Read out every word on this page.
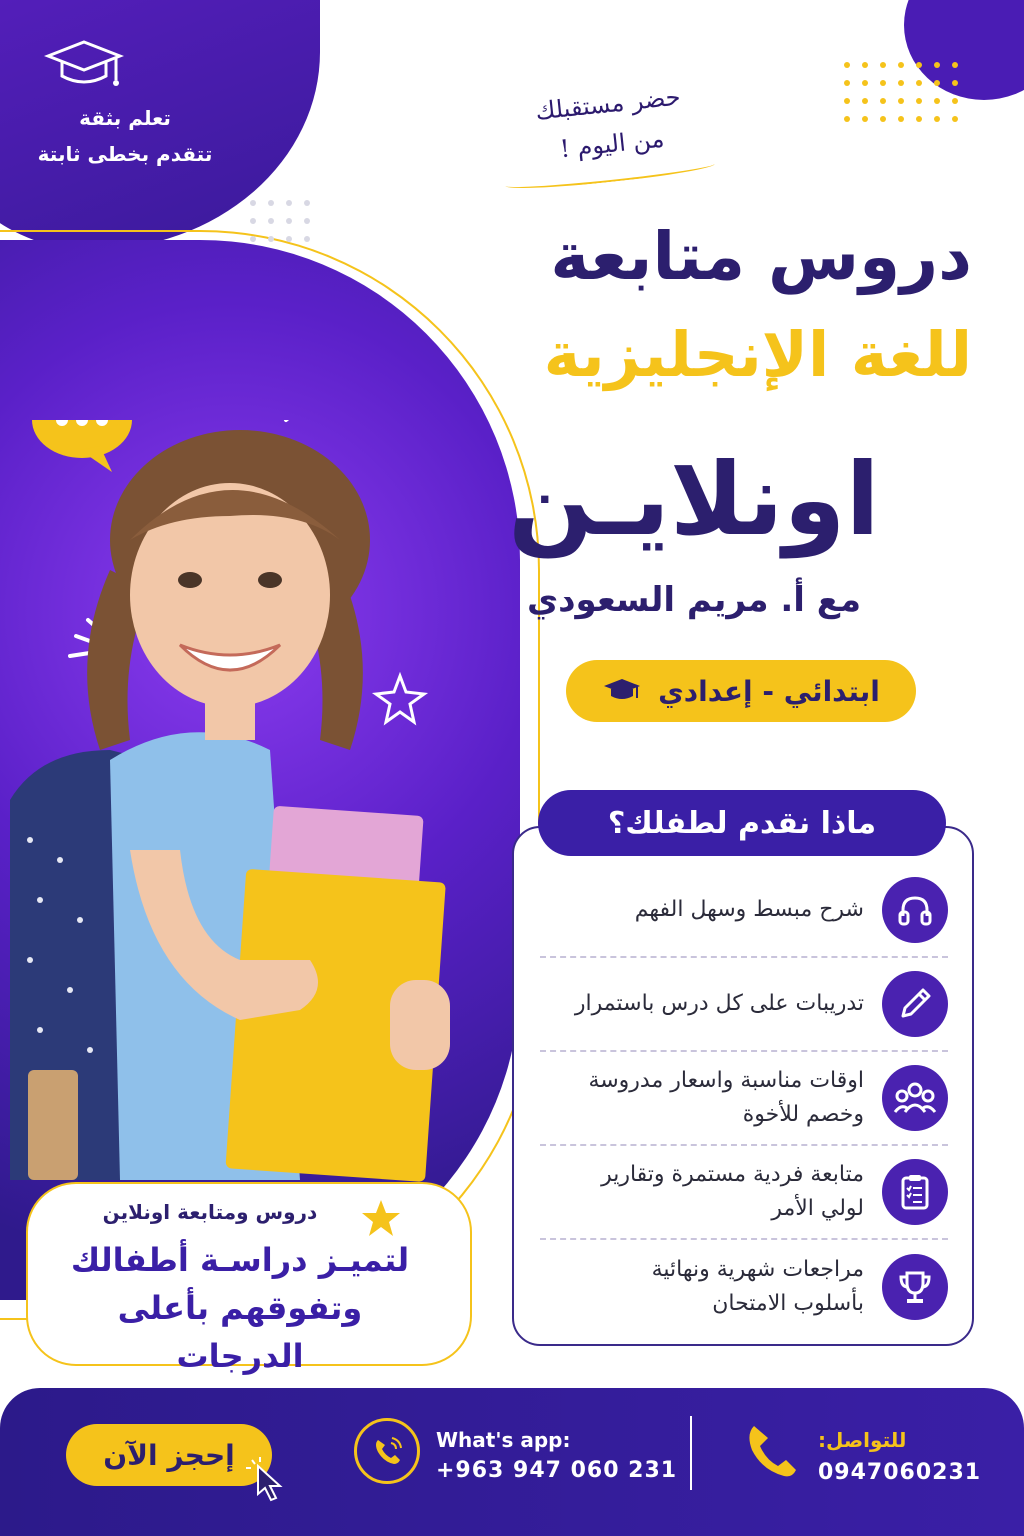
تعلم بثقة
تتقدم بخطى ثابتة
حضر مستقبلك
من اليوم !
دروس متابعة
للغة الإنجليزية
اونلايـن
مع أ. مريم السعودي
ابتدائي - إعدادي
ماذا نقدم لطفلك؟
شرح مبسط وسهل الفهم
تدريبات على كل درس باستمرار
اوقات مناسبة واسعار مدروسة
وخصم للأخوة
متابعة فردية مستمرة وتقارير
لولي الأمر
مراجعات شهرية ونهائية
بأسلوب الامتحان
دروس ومتابعة اونلاين
لتميـز دراسـة أطفالك
وتفوقهم بأعلى الدرجات
إحجز الآن	What's app:
+963 947 060 231
للتواصل:
0947060231
